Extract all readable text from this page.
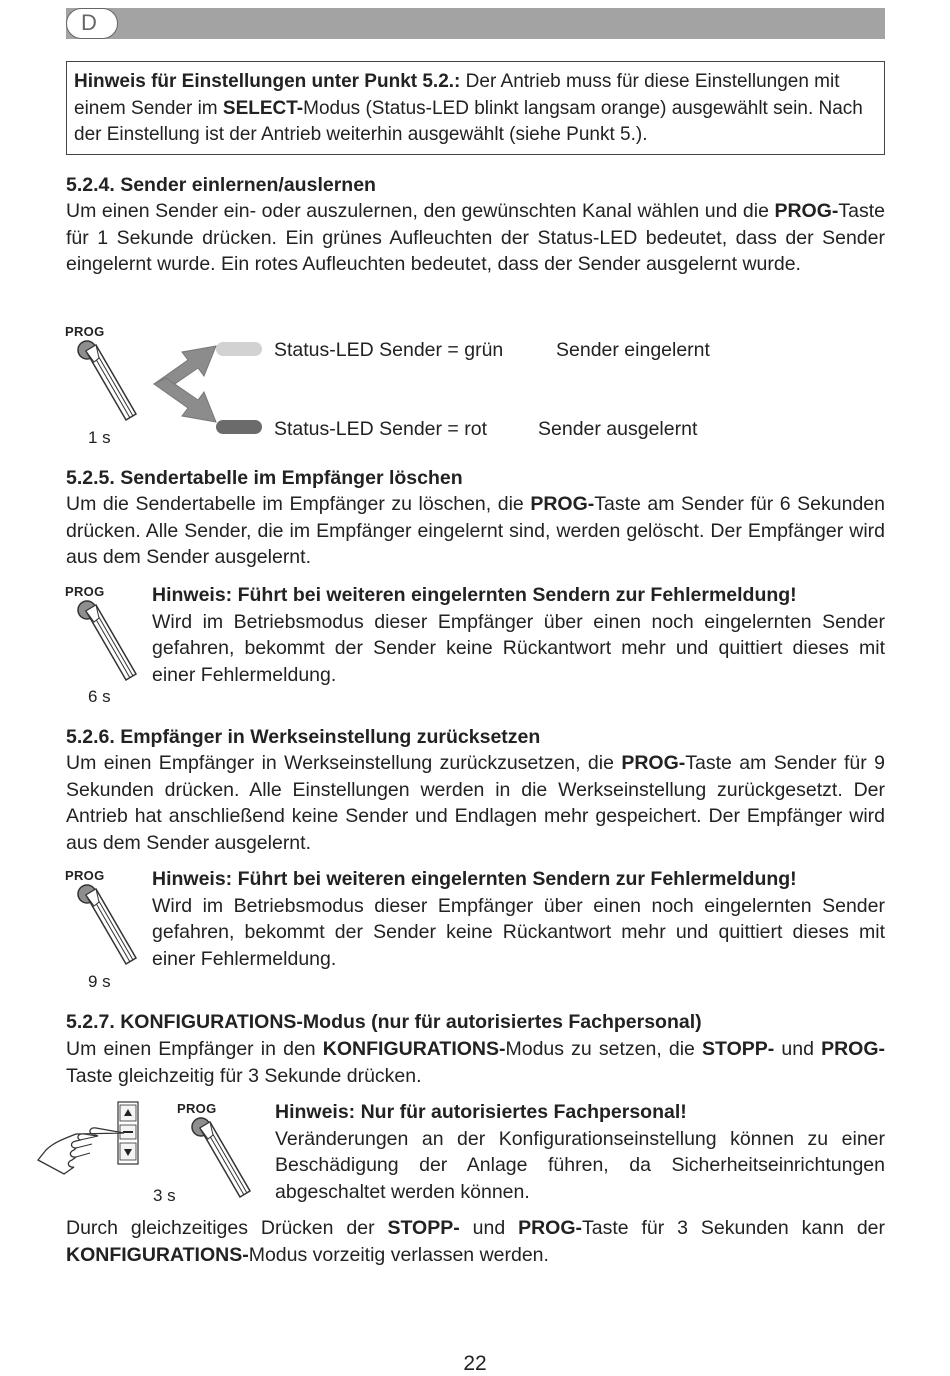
D
Hinweis für Einstellungen unter Punkt 5.2.: Der Antrieb muss für diese Einstellungen mit einem Sender im SELECT-Modus (Status-LED blinkt langsam orange) ausgewählt sein. Nach der Einstellung ist der Antrieb weiterhin ausgewählt (siehe Punkt 5.).
5.2.4. Sender einlernen/auslernen
Um einen Sender ein- oder auszulernen, den gewünschten Kanal wählen und die PROG-Taste für 1 Sekunde drücken. Ein grünes Aufleuchten der Status-LED bedeutet, dass der Sender eingelernt wurde. Ein rotes Aufleuchten bedeutet, dass der Sender ausgelernt wurde.
PROG
1 s
Status-LED Sender = grün	Sender eingelernt
Status-LED Sender = rot	Sender ausgelernt
5.2.5. Sendertabelle im Empfänger löschen
Um die Sendertabelle im Empfänger zu löschen, die PROG-Taste am Sender für 6 Sekunden drücken. Alle Sender, die im Empfänger eingelernt sind, werden gelöscht. Der Empfänger wird aus dem Sender ausgelernt.
PROG
6 s
Hinweis: Führt bei weiteren eingelernten Sendern zur Fehlermeldung!
Wird im Betriebsmodus dieser Empfänger über einen noch eingelernten Sender gefahren, bekommt der Sender keine Rückantwort mehr und quittiert dieses mit einer Fehlermeldung.
5.2.6. Empfänger in Werkseinstellung zurücksetzen
Um einen Empfänger in Werkseinstellung zurückzusetzen, die PROG-Taste am Sender für 9 Sekunden drücken. Alle Einstellungen werden in die Werkseinstellung zurückgesetzt. Der Antrieb hat anschließend keine Sender und Endlagen mehr gespeichert. Der Empfänger wird aus dem Sender ausgelernt.
PROG
9 s
Hinweis: Führt bei weiteren eingelernten Sendern zur Fehlermeldung!
Wird im Betriebsmodus dieser Empfänger über einen noch eingelernten Sender gefahren, bekommt der Sender keine Rückantwort mehr und quittiert dieses mit einer Fehlermeldung.
5.2.7. KONFIGURATIONS-Modus (nur für autorisiertes Fachpersonal)
Um einen Empfänger in den KONFIGURATIONS-Modus zu setzen, die STOPP- und PROG-Taste gleichzeitig für 3 Sekunde drücken.
PROG
3 s
Hinweis: Nur für autorisiertes Fachpersonal!
Veränderungen an der Konfigurationseinstellung können zu einer Beschädigung der Anlage führen, da Sicherheitseinrichtungen abgeschaltet werden können.
Durch gleichzeitiges Drücken der STOPP- und PROG-Taste für 3 Sekunden kann der KONFIGURATIONS-Modus vorzeitig verlassen werden.
22
